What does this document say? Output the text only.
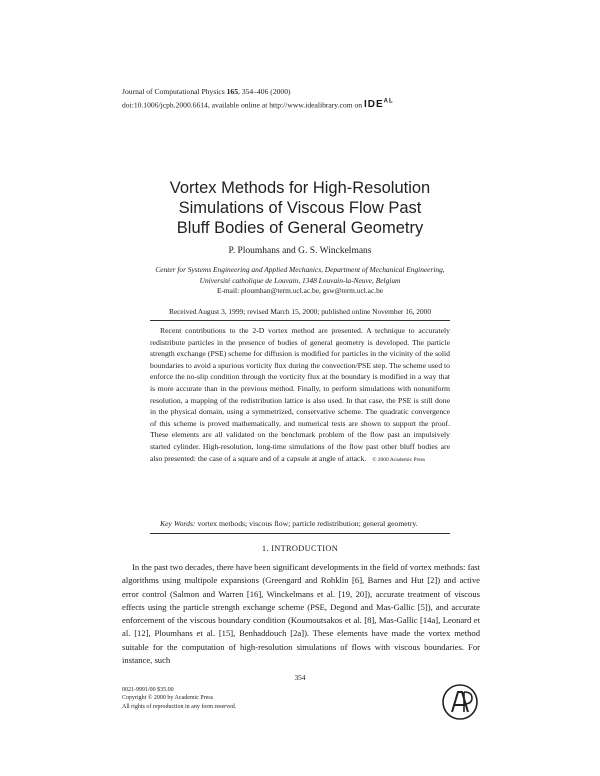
Journal of Computational Physics 165, 354–406 (2000)
doi:10.1006/jcph.2000.6614, available online at http://www.idealibrary.com on $IDE^{AL}$
Vortex Methods for High-Resolution
Simulations of Viscous Flow Past
Bluff Bodies of General Geometry
P. Ploumhans and G. S. Winckelmans
Center for Systems Engineering and Applied Mechanics, Department of Mechanical Engineering,
Université catholique de Louvain, 1348 Louvain-la-Neuve, Belgium
E-mail: ploumhan@term.ucl.ac.be, gsw@term.ucl.ac.be
Received August 3, 1999; revised March 15, 2000; published online November 16, 2000

Recent contributions to the 2-D vortex method are presented. A technique to accurately redistribute particles in the presence of bodies of general geometry is developed. The particle strength exchange (PSE) scheme for diffusion is modified for particles in the vicinity of the solid boundaries to avoid a spurious vorticity flux during the convection/PSE step. The scheme used to enforce the no-slip condition through the vorticity flux at the boundary is modified in a way that is more accurate than in the previous method. Finally, to perform simulations with nonuniform resolution, a mapping of the redistribution lattice is also used. In that case, the PSE is still done in the physical domain, using a symmetrized, conservative scheme. The quadratic convergence of this scheme is proved mathematically, and numerical tests are shown to support the proof. These elements are all validated on the benchmark problem of the flow past an impulsively started cylinder. High-resolution, long-time simulations of the flow past other bluff bodies are also presented: the case of a square and of a capsule at angle of attack. © 2000 Academic Press

Key Words: vortex methods; viscous flow; particle redistribution; general geometry.

1. INTRODUCTION

In the past two decades, there have been significant developments in the field of vortex methods: fast algorithms using multipole expansions (Greengard and Rohklin [6], Barnes and Hut [2]) and active error control (Salmon and Warren [16], Winckelmans et al. [19, 20]), accurate treatment of viscous effects using the particle strength exchange scheme (PSE, Degond and Mas-Gallic [5]), and accurate enforcement of the viscous boundary condition (Koumoutsakos et al. [8], Mas-Gallic [14a], Leonard et al. [12], Ploumhans et al. [15], Benhaddouch [2a]). These elements have made the vortex method suitable for the computation of high-resolution simulations of flows with viscous boundaries. For instance, such

354
0021-9991/00 $35.00
Copyright © 2000 by Academic Press
All rights of reproduction in any form reserved.
